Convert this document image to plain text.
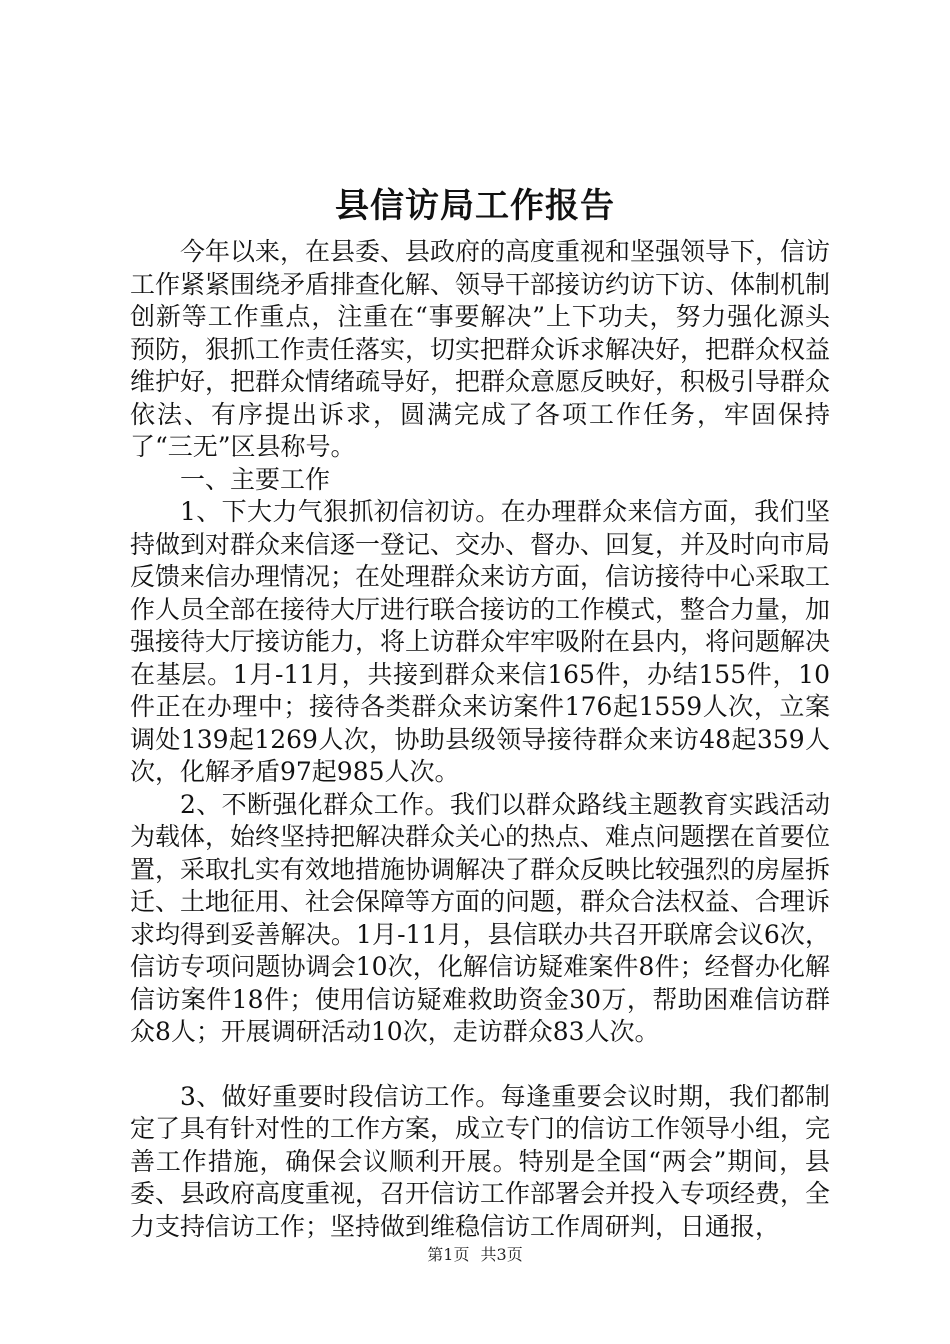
县信访局工作报告

今年以来，在县委、县政府的高度重视和坚强领导下，信访工作紧紧围绕矛盾排查化解、领导干部接访约访下访、体制机制创新等工作重点，注重在“事要解决”上下功夫，努力强化源头预防，狠抓工作责任落实，切实把群众诉求解决好，把群众权益维护好，把群众情绪疏导好，把群众意愿反映好，积极引导群众依法、有序提出诉求，圆满完成了各项工作任务，牢固保持了“三无”区县称号。

一、主要工作

1、下大力气狠抓初信初访。在办理群众来信方面，我们坚持做到对群众来信逐一登记、交办、督办、回复，并及时向市局反馈来信办理情况；在处理群众来访方面，信访接待中心采取工作人员全部在接待大厅进行联合接访的工作模式，整合力量，加强接待大厅接访能力，将上访群众牢牢吸附在县内，将问题解决在基层。1月-11月，共接到群众来信165件，办结155件，10件正在办理中；接待各类群众来访案件176起1559人次，立案调处139起1269人次，协助县级领导接待群众来访48起359人次，化解矛盾97起985人次。

2、不断强化群众工作。我们以群众路线主题教育实践活动为载体，始终坚持把解决群众关心的热点、难点问题摆在首要位置，采取扎实有效地措施协调解决了群众反映比较强烈的房屋拆迁、土地征用、社会保障等方面的问题，群众合法权益、合理诉求均得到妥善解决。1月-11月，县信联办共召开联席会议6次，信访专项问题协调会10次，化解信访疑难案件8件；经督办化解信访案件18件；使用信访疑难救助资金30万，帮助困难信访群众8人；开展调研活动10次，走访群众83人次。

3、做好重要时段信访工作。每逢重要会议时期，我们都制定了具有针对性的工作方案，成立专门的信访工作领导小组，完善工作措施，确保会议顺利开展。特别是全国“两会”期间，县委、县政府高度重视，召开信访工作部署会并投入专项经费，全力支持信访工作；坚持做到维稳信访工作周研判，日通报，

第1页 共3页
